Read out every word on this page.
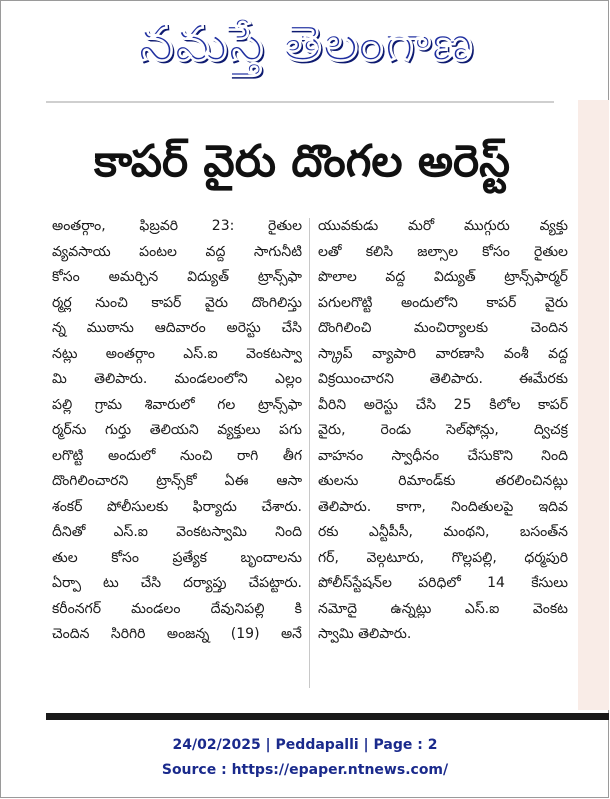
నమస్తే తెలంగాణ
కాపర్ వైరు దొంగల అరెస్ట్
అంతర్గాం, ఫిబ్రవరి 23: రైతుల
వ్యవసాయ పంటల వద్ద సాగునీటి
కోసం అమర్చిన విద్యుత్ ట్రాన్స్‌ఫా
ర్మర్ల నుంచి కాపర్ వైరు దొంగిలిస్తు
న్న ముఠాను ఆదివారం అరెస్టు చేసి
నట్లు అంతర్గాం ఎస్.ఐ వెంకటస్వా
మి తెలిపారు. మండలంలోని ఎల్లం
పల్లి గ్రామ శివారులో గల ట్రాన్స్‌ఫా
ర్మర్‌ను గుర్తు తెలియని వ్యక్తులు పగు
లగొట్టి అందులో నుంచి రాగి తీగ
దొంగిలించారని ట్రాన్స్‌కో ఏఈ ఆసా
శంకర్ పోలీసులకు ఫిర్యాదు చేశారు.
దీనితో ఎస్.ఐ వెంకటస్వామి నింది
తుల కోసం ప్రత్యేక బృందాలను
ఏర్పా టు చేసి దర్యాప్తు చేపట్టారు.
కరీంనగర్ మండలం దేవునిపల్లి కి
చెందిన సిరిగిరి అంజన్న (19) అనే
యువకుడు మరో ముగ్గురు వ్యక్తు
లతో కలిసి జల్సాల కోసం రైతుల
పొలాల వద్ద విద్యుత్ ట్రాన్స్‌ఫార్మర్
పగులగొట్టి అందులోని కాపర్ వైరు
దొంగిలించి మంచిర్యాలకు చెందిన
స్క్రాప్ వ్యాపారి వారణాసి వంశీ వద్ద
విక్రయించారని తెలిపారు. ఈమేరకు
వీరిని అరెస్టు చేసి 25 కిలోల కాపర్
వైరు, రెండు సెల్‌ఫోన్లు, ద్విచక్ర
వాహనం స్వాధీనం చేసుకొని నింది
తులను రిమాండ్‌కు తరలించినట్లు
తెలిపారు. కాగా, నిందితులపై ఇదివ
రకు ఎన్టీపీసీ, మంథని, బసంత్‌న
గర్, వెల్గటూరు, గొల్లపల్లి, ధర్మపురి
పోలీస్‌స్టేషన్‌ల పరిధిలో 14 కేసులు
నమోదై ఉన్నట్లు ఎస్.ఐ వెంకట
స్వామి తెలిపారు.
24/02/2025 | Peddapalli | Page : 2
Source : https://epaper.ntnews.com/
